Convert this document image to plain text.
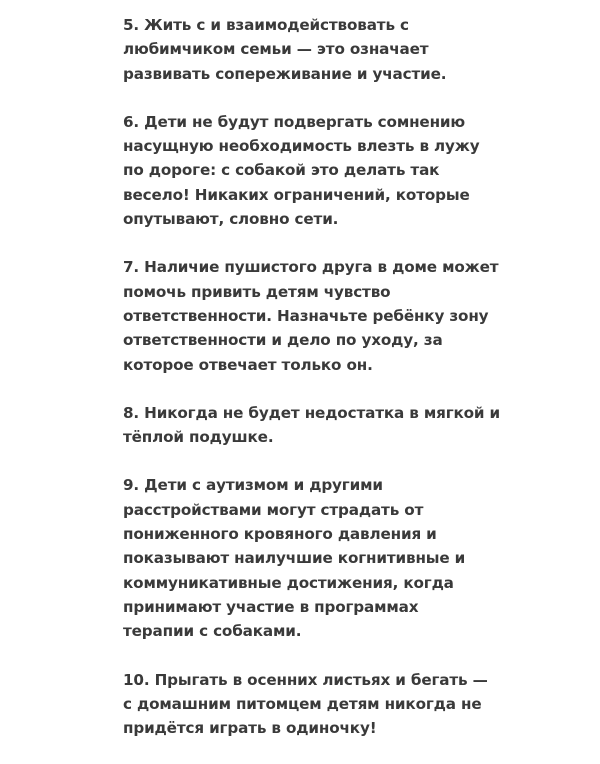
5. Жить с и взаимодействовать с
любимчиком семьи — это означает
развивать сопереживание и участие.

6. Дети не будут подвергать сомнению
насущную необходимость влезть в лужу
по дороге: с собакой это делать так
весело! Никаких ограничений, которые
опутывают, словно сети.

7. Наличие пушистого друга в доме может
помочь привить детям чувство
ответственности. Назначьте ребёнку зону
ответственности и дело по уходу, за
которое отвечает только он.

8. Никогда не будет недостатка в мягкой и
тёплой подушке.

9. Дети с аутизмом и другими
расстройствами могут страдать от
пониженного кровяного давления и
показывают наилучшие когнитивные и
коммуникативные достижения, когда
принимают участие в программах
терапии с собаками.

10. Прыгать в осенних листьях и бегать —
с домашним питомцем детям никогда не
придётся играть в одиночку!
